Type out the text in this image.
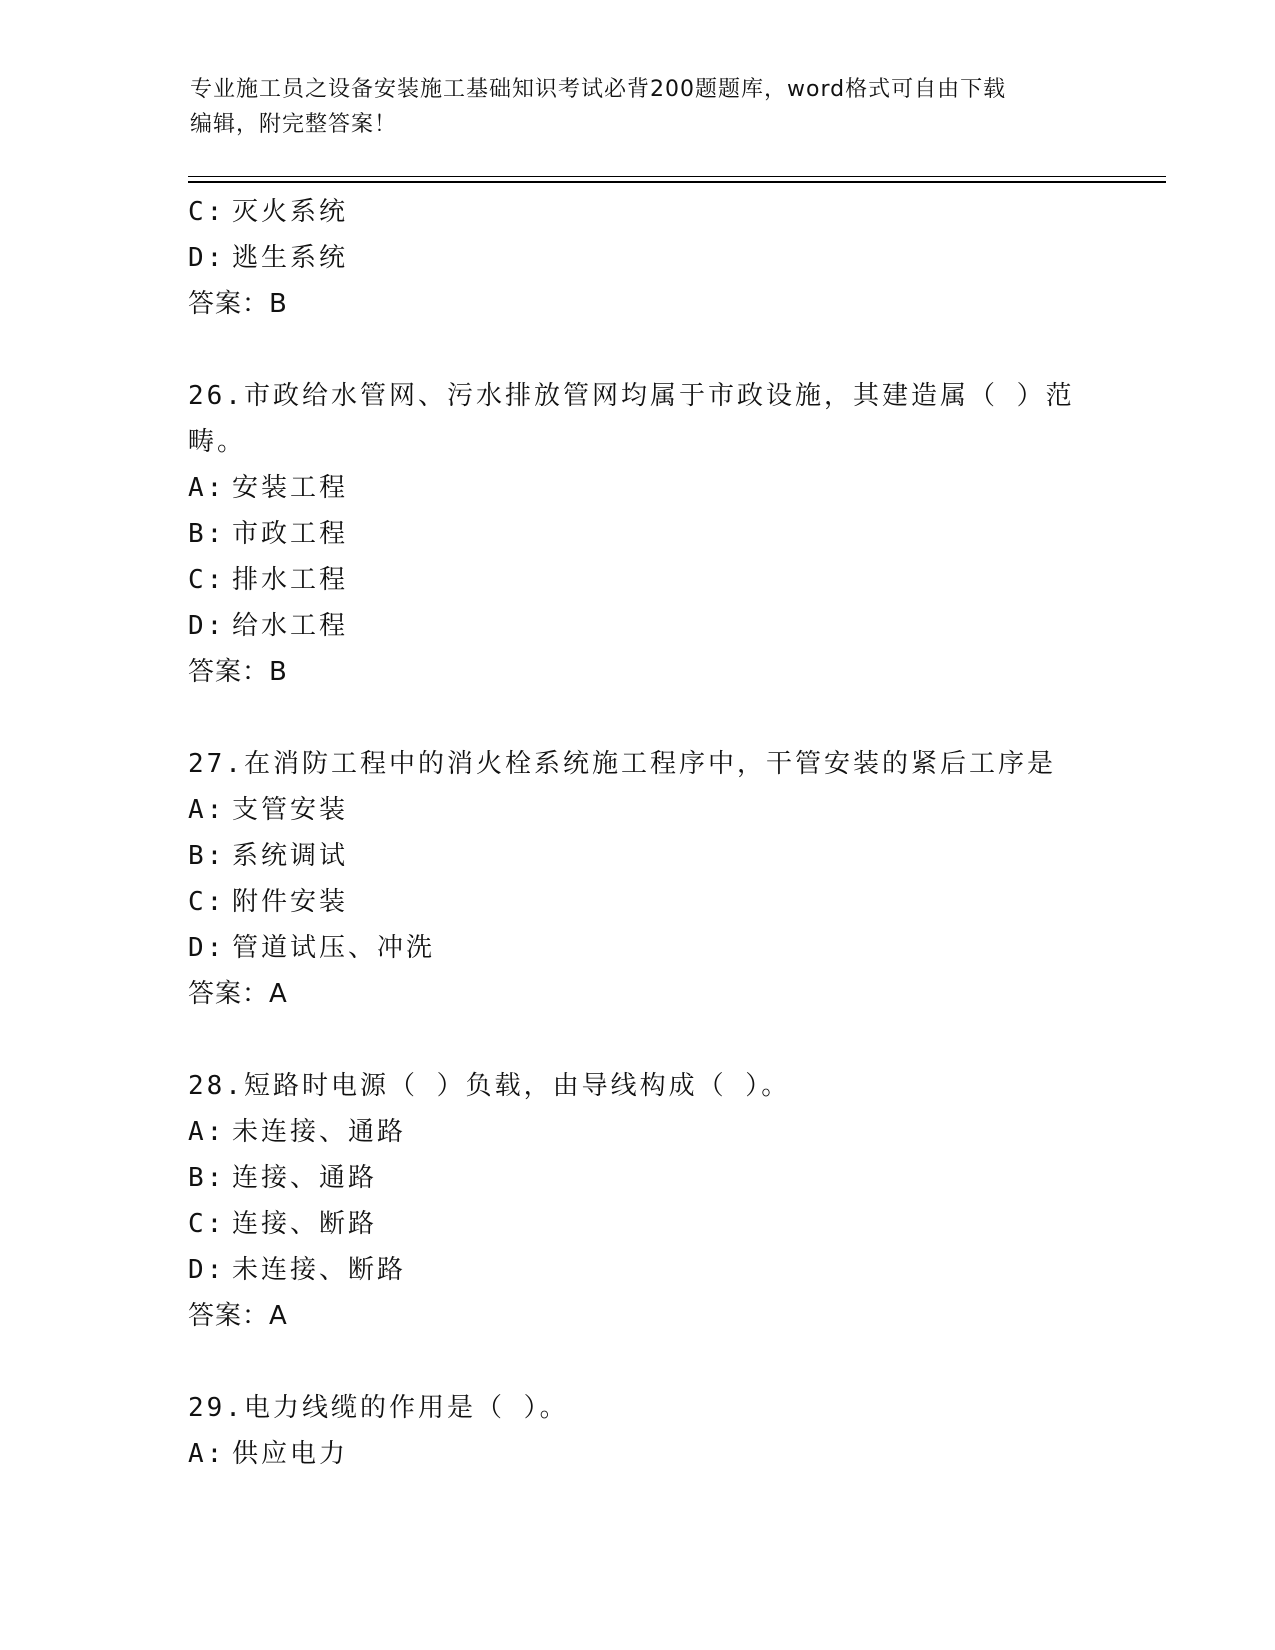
专业施工员之设备安装施工基础知识考试必背200题题库，word格式可自由下载
编辑，附完整答案！
C: 灭火系统
D: 逃生系统
答案：B
26.市政给水管网、污水排放管网均属于市政设施，其建造属（ ）范畴。
A: 安装工程
B: 市政工程
C: 排水工程
D: 给水工程
答案：B
27.在消防工程中的消火栓系统施工程序中，干管安装的紧后工序是
A: 支管安装
B: 系统调试
C: 附件安装
D: 管道试压、冲洗
答案：A
28.短路时电源（ ）负载，由导线构成（ ）。
A: 未连接、通路
B: 连接、通路
C: 连接、断路
D: 未连接、断路
答案：A
29.电力线缆的作用是（ ）。
A: 供应电力
